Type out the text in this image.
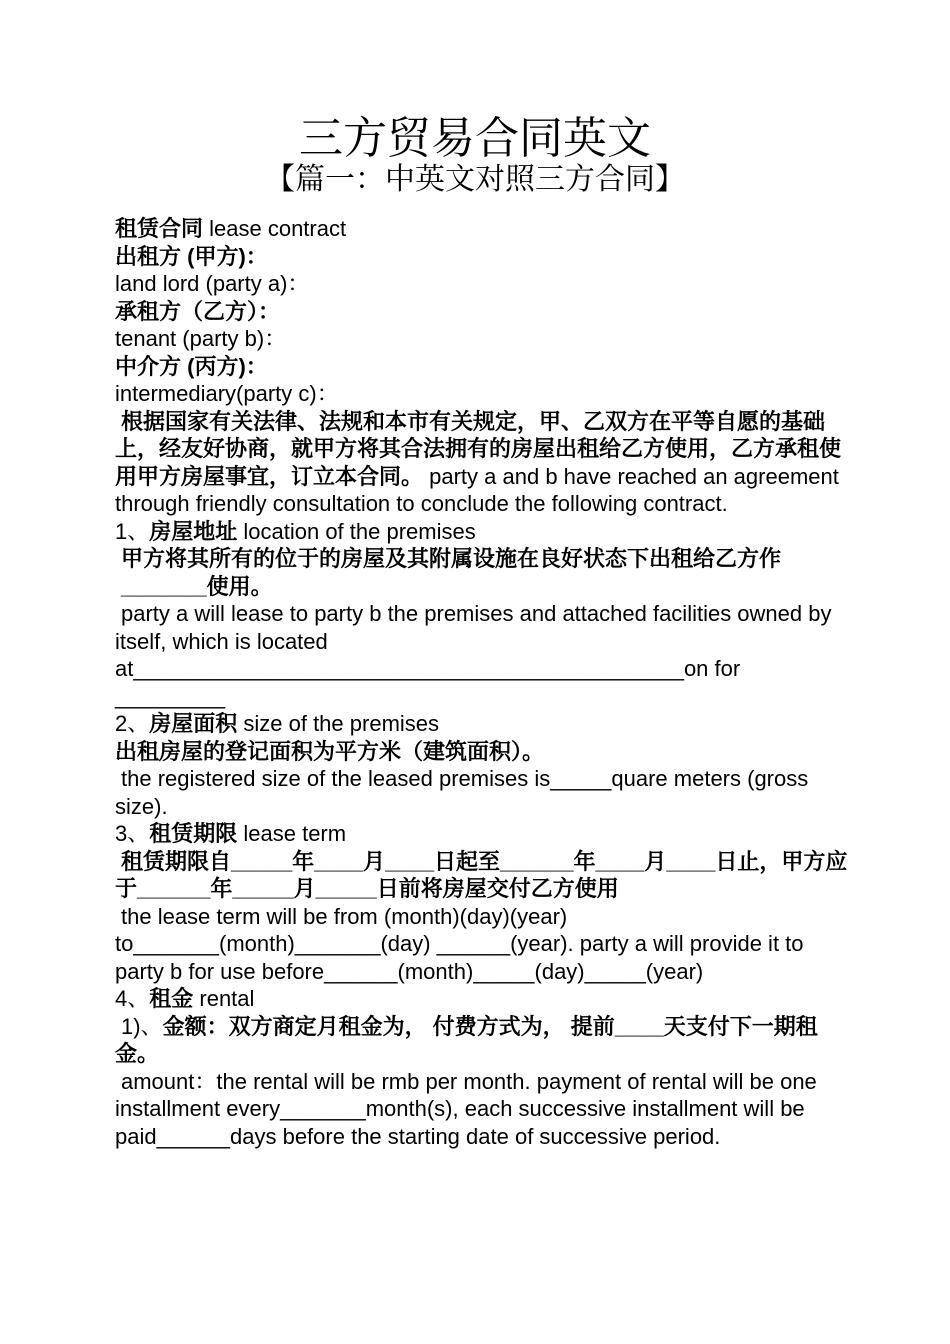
三方贸易合同英文
【篇一：中英文对照三方合同】

租赁合同 lease contract

出租方 (甲方)：

land lord (party a)：

承租方（乙方）：

tenant (party b)：

中介方 (丙方)：

intermediary(party c)：

根据国家有关法律、法规和本市有关规定，甲、乙双方在平等自愿的基础上，经友好协商，就甲方将其合法拥有的房屋出租给乙方使用，乙方承租使用甲方房屋事宜，订立本合同。 party a and b have reached an agreement through friendly consultation to conclude the following contract.

1、房屋地址 location of the premises

甲方将其所有的位于的房屋及其附属设施在良好状态下出租给乙方作_______使用。

party a will lease to party b the premises and attached facilities owned by itself, which is located at_____________________________________________on for _________

2、房屋面积 size of the premises

出租房屋的登记面积为平方米（建筑面积）。

the registered size of the leased premises is_____quare meters (gross size).

3、租赁期限 lease term

租赁期限自_____年____月____日起至______年____月____日止，甲方应于______年_____月_____日前将房屋交付乙方使用

the lease term will be from (month)(day)(year) to_______(month)_______(day) ______(year). party a will provide it to party b for use before______(month)_____(day)_____(year)

4、租金 rental

1)、金额：双方商定月租金为， 付费方式为， 提前____天支付下一期租金。

amount：the rental will be rmb per month. payment of rental will be one installment every_______month(s), each successive installment will be paid______days before the starting date of successive period.
